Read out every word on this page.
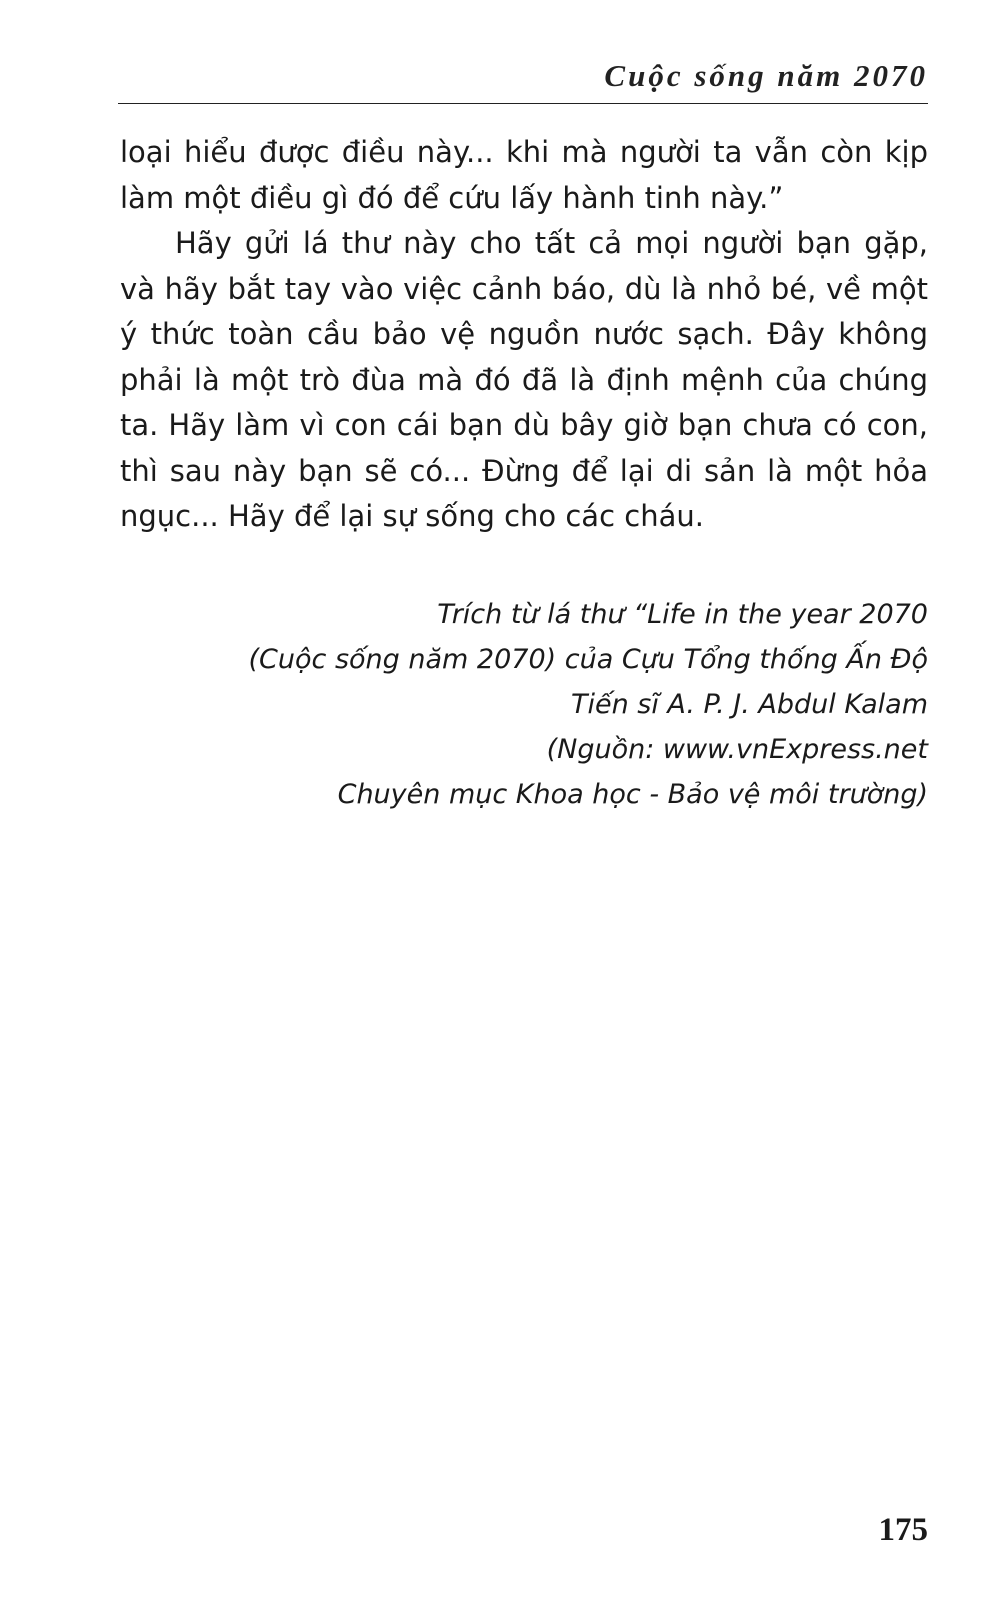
Cuộc sống năm 2070

loại hiểu được điều này... khi mà người ta vẫn còn kịp làm một điều gì đó để cứu lấy hành tinh này.”

Hãy gửi lá thư này cho tất cả mọi người bạn gặp, và hãy bắt tay vào việc cảnh báo, dù là nhỏ bé, về một ý thức toàn cầu bảo vệ nguồn nước sạch. Đây không phải là một trò đùa mà đó đã là định mệnh của chúng ta. Hãy làm vì con cái bạn dù bây giờ bạn chưa có con, thì sau này bạn sẽ có... Đừng để lại di sản là một hỏa ngục... Hãy để lại sự sống cho các cháu.

Trích từ lá thư “Life in the year 2070
(Cuộc sống năm 2070) của Cựu Tổng thống Ấn Độ
Tiến sĩ A. P. J. Abdul Kalam
(Nguồn: www.vnExpress.net
Chuyên mục Khoa học - Bảo vệ môi trường)
175
